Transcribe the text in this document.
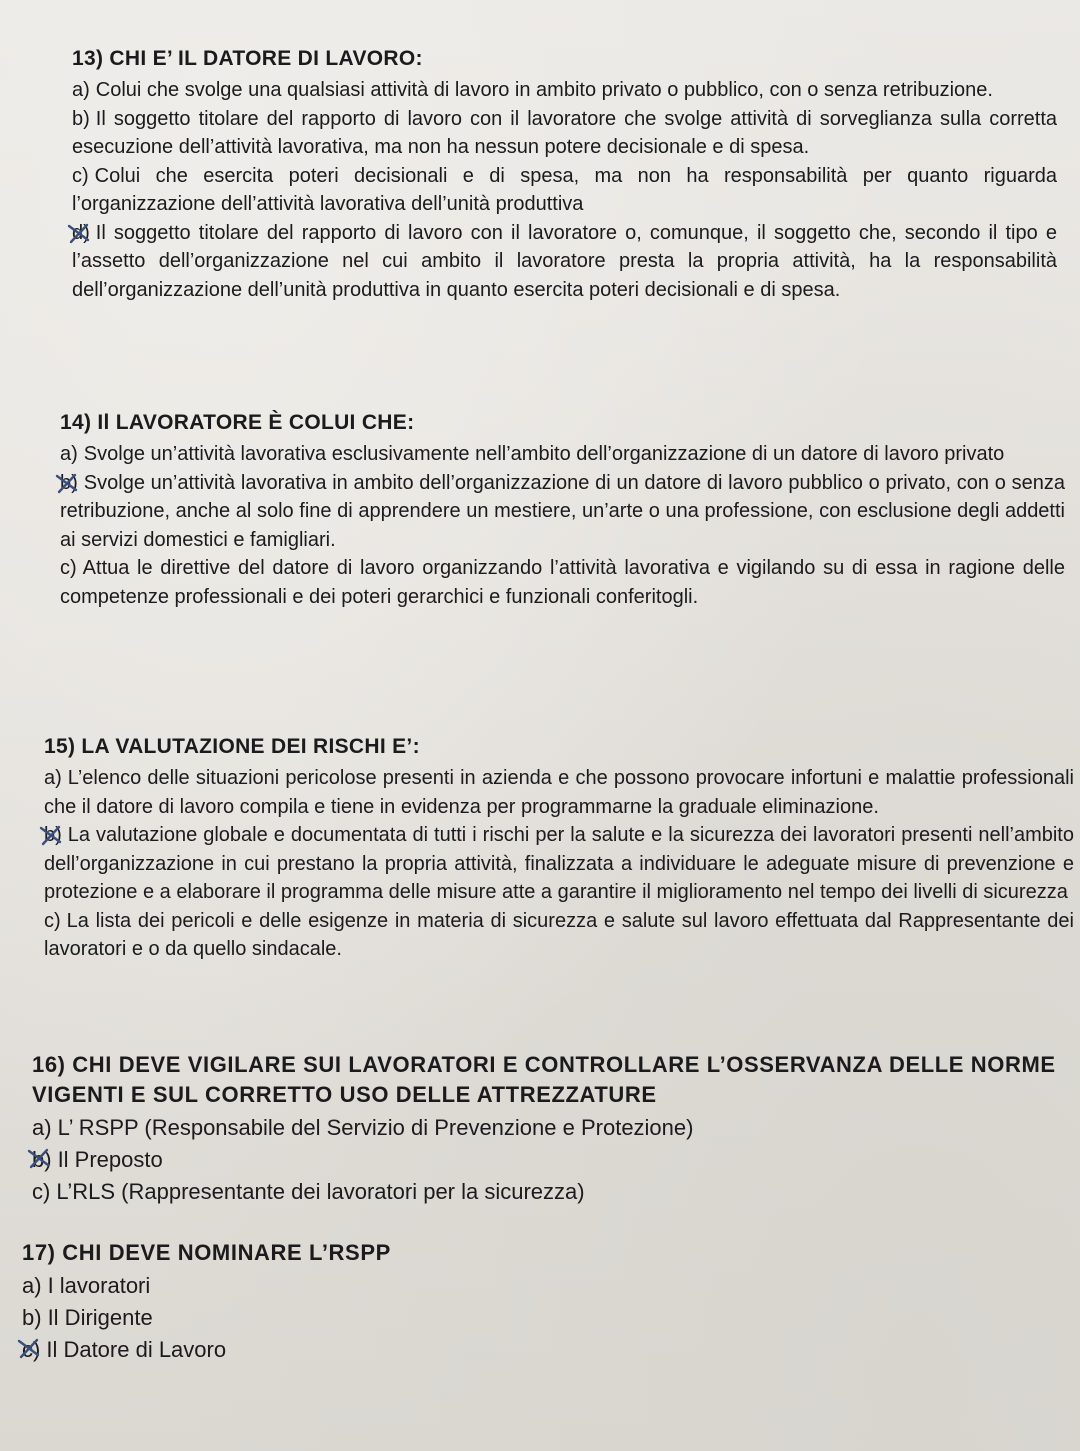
13) CHI E’ IL DATORE DI LAVORO:

a) Colui che svolge una qualsiasi attività di lavoro in ambito privato o pubblico, con o senza retribuzione.

b) Il soggetto titolare del rapporto di lavoro con il lavoratore che svolge attività di sorveglianza sulla corretta esecuzione dell’attività lavorativa, ma non ha nessun potere decisionale e di spesa.

c) Colui che esercita poteri decisionali e di spesa, ma non ha responsabilità per quanto riguarda l’organizzazione dell’attività lavorativa dell’unità produttiva

d) Il soggetto titolare del rapporto di lavoro con il lavoratore o, comunque, il soggetto che, secondo il tipo e l’assetto dell’organizzazione nel cui ambito il lavoratore presta la propria attività, ha la responsabilità dell’organizzazione dell’unità produttiva in quanto esercita poteri decisionali e di spesa.

14) Il LAVORATORE È COLUI CHE:

a) Svolge un’attività lavorativa esclusivamente nell’ambito dell’organizzazione di un datore di lavoro privato

b) Svolge un’attività lavorativa in ambito dell’organizzazione di un datore di lavoro pubblico o privato, con o senza retribuzione, anche al solo fine di apprendere un mestiere, un’arte o una professione, con esclusione degli addetti ai servizi domestici e famigliari.

c) Attua le direttive del datore di lavoro organizzando l’attività lavorativa e vigilando su di essa in ragione delle competenze professionali e dei poteri gerarchici e funzionali conferitogli.

15) LA VALUTAZIONE DEI RISCHI E’:

a) L’elenco delle situazioni pericolose presenti in azienda e che possono provocare infortuni e malattie professionali che il datore di lavoro compila e tiene in evidenza per programmarne la graduale eliminazione.

b) La valutazione globale e documentata di tutti i rischi per la salute e la sicurezza dei lavoratori presenti nell’ambito dell’organizzazione in cui prestano la propria attività, finalizzata a individuare le adeguate misure di prevenzione e protezione e a elaborare il programma delle misure atte a garantire il miglioramento nel tempo dei livelli di sicurezza

c) La lista dei pericoli e delle esigenze in materia di sicurezza e salute sul lavoro effettuata dal Rappresentante dei lavoratori e o da quello sindacale.

16) CHI DEVE VIGILARE SUI LAVORATORI E CONTROLLARE L’OSSERVANZA DELLE NORME VIGENTI E SUL CORRETTO USO DELLE ATTREZZATURE

a) L’ RSPP (Responsabile del Servizio di Prevenzione e Protezione)

b) Il Preposto

c) L’RLS (Rappresentante dei lavoratori per la sicurezza)

17) CHI DEVE NOMINARE L’RSPP

a) I lavoratori

b) Il Dirigente

c) Il Datore di Lavoro
